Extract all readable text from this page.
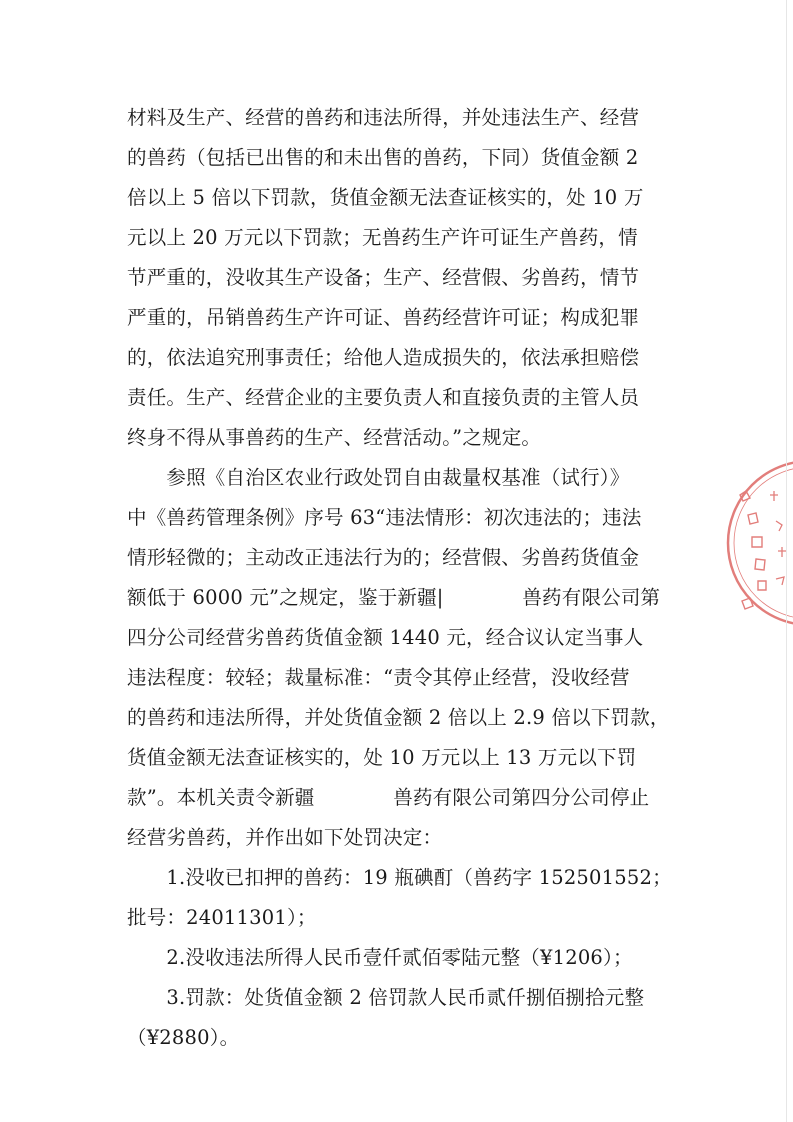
材料及生产、经营的兽药和违法所得，并处违法生产、经营
的兽药（包括已出售的和未出售的兽药，下同）货值金额 2
倍以上 5 倍以下罚款，货值金额无法查证核实的，处 10 万
元以上 20 万元以下罚款；无兽药生产许可证生产兽药，情
节严重的，没收其生产设备；生产、经营假、劣兽药，情节
严重的，吊销兽药生产许可证、兽药经营许可证；构成犯罪
的，依法追究刑事责任；给他人造成损失的，依法承担赔偿
责任。生产、经营企业的主要负责人和直接负责的主管人员
终身不得从事兽药的生产、经营活动。”之规定。
　　参照《自治区农业行政处罚自由裁量权基准（试行）》
中《兽药管理条例》序号 63“违法情形：初次违法的；违法
情形轻微的；主动改正违法行为的；经营假、劣兽药货值金
额低于 6000 元”之规定，鉴于新疆|　　　　兽药有限公司第
四分公司经营劣兽药货值金额 1440 元，经合议认定当事人
违法程度：较轻；裁量标准：“责令其停止经营，没收经营
的兽药和违法所得，并处货值金额 2 倍以上 2.9 倍以下罚款，
货值金额无法查证核实的，处 10 万元以上 13 万元以下罚
款”。本机关责令新疆　　　　兽药有限公司第四分公司停止
经营劣兽药，并作出如下处罚决定：
　　1.没收已扣押的兽药：19 瓶碘酊（兽药字 152501552；
批号：24011301）；
　　2.没收违法所得人民币壹仟贰佰零陆元整（¥1206）；
　　3.罚款：处货值金额 2 倍罚款人民币贰仟捌佰捌拾元整
（¥2880）。
